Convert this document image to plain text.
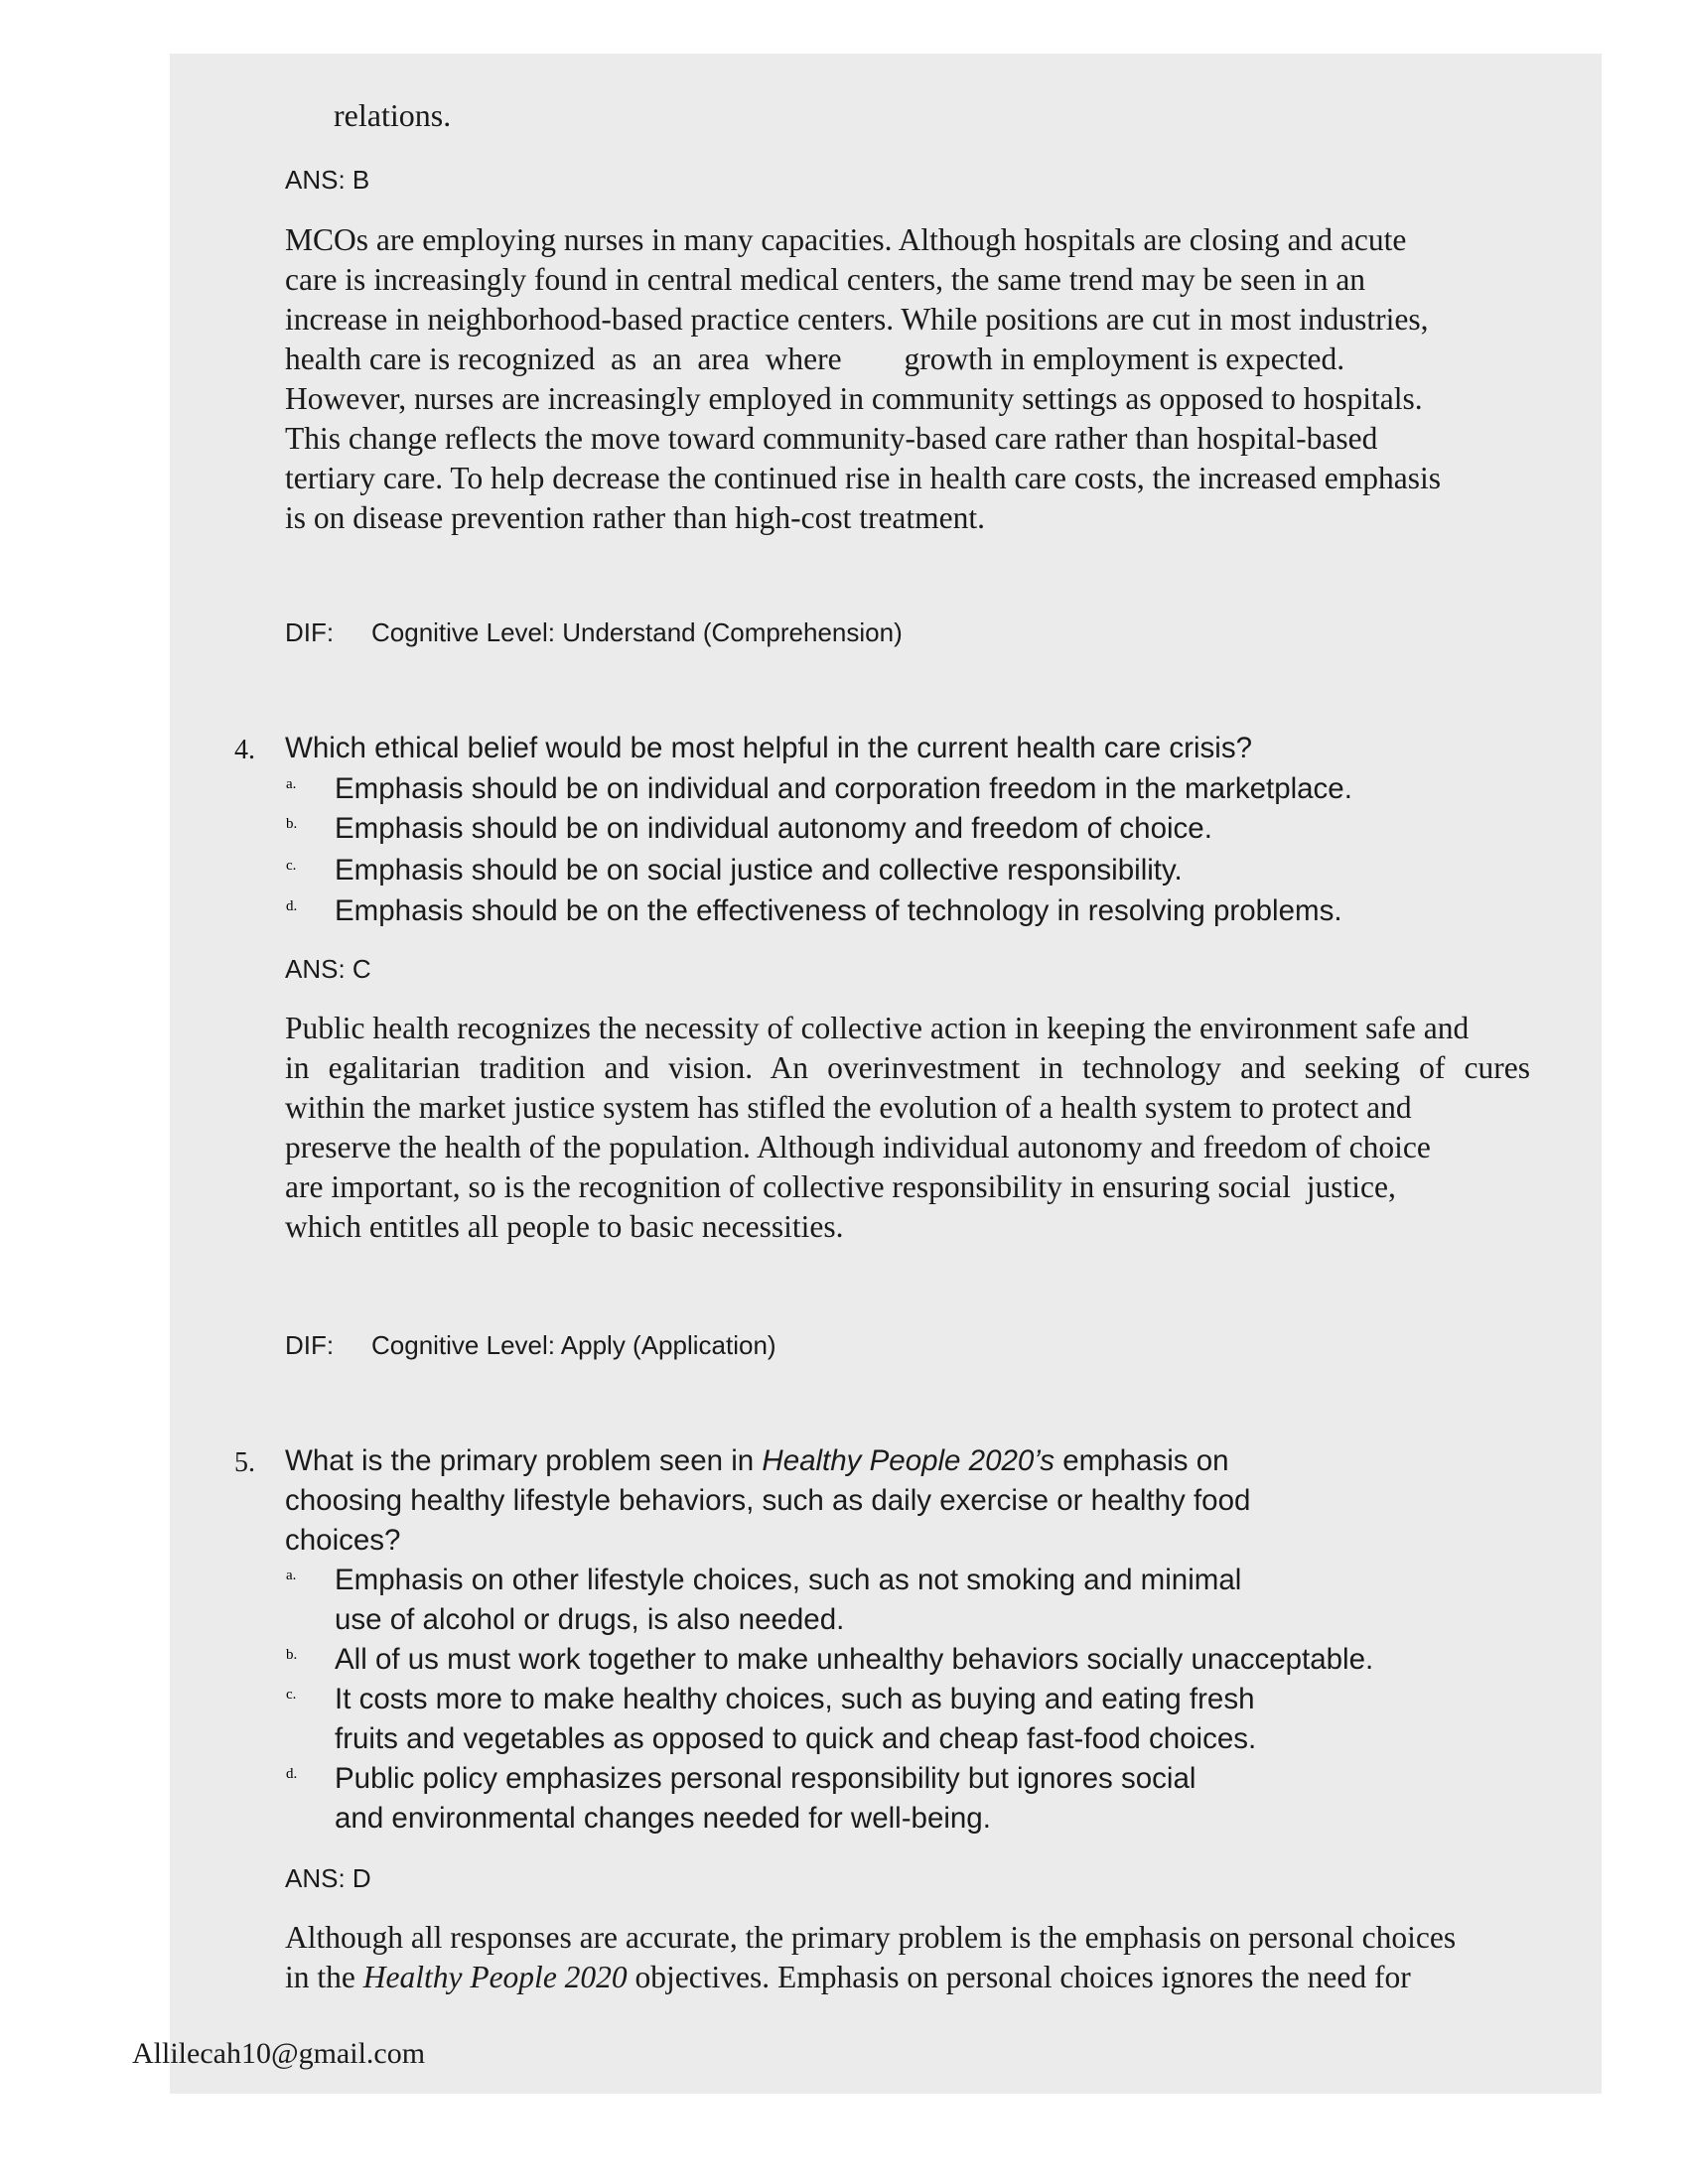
relations.
ANS: B
MCOs are employing nurses in many capacities. Although hospitals are closing and acute
care is increasingly found in central medical centers, the same trend may be seen in an
increase in neighborhood-based practice centers. While positions are cut in most industries,
health care is recognized  as  an  area  where        growth in employment is expected.
However, nurses are increasingly employed in community settings as opposed to hospitals.
This change reflects the move toward community-based care rather than hospital-based
tertiary care. To help decrease the continued rise in health care costs, the increased emphasis
is on disease prevention rather than high-cost treatment.
DIF: Cognitive Level: Understand (Comprehension)
4. Which ethical belief would be most helpful in the current health care crisis?
a. Emphasis should be on individual and corporation freedom in the marketplace.
b. Emphasis should be on individual autonomy and freedom of choice.
c. Emphasis should be on social justice and collective responsibility.
d. Emphasis should be on the effectiveness of technology in resolving problems.
ANS: C
Public health recognizes the necessity of collective action in keeping the environment safe and
in egalitarian tradition and vision. An overinvestment in technology and seeking of cures
within the market justice system has stifled the evolution of a health system to protect and
preserve the health of the population. Although individual autonomy and freedom of choice
are important, so is the recognition of collective responsibility in ensuring social  justice,
which entitles all people to basic necessities.
DIF: Cognitive Level: Apply (Application)
5. What is the primary problem seen in Healthy People 2020’s emphasis on
choosing healthy lifestyle behaviors, such as daily exercise or healthy food
choices?
a. Emphasis on other lifestyle choices, such as not smoking and minimal
use of alcohol or drugs, is also needed.
b. All of us must work together to make unhealthy behaviors socially unacceptable.
c. It costs more to make healthy choices, such as buying and eating fresh
fruits and vegetables as opposed to quick and cheap fast-food choices.
d. Public policy emphasizes personal responsibility but ignores social
and environmental changes needed for well-being.
ANS: D
Although all responses are accurate, the primary problem is the emphasis on personal choices
in the Healthy People 2020 objectives. Emphasis on personal choices ignores the need for
Allilecah10@gmail.com
